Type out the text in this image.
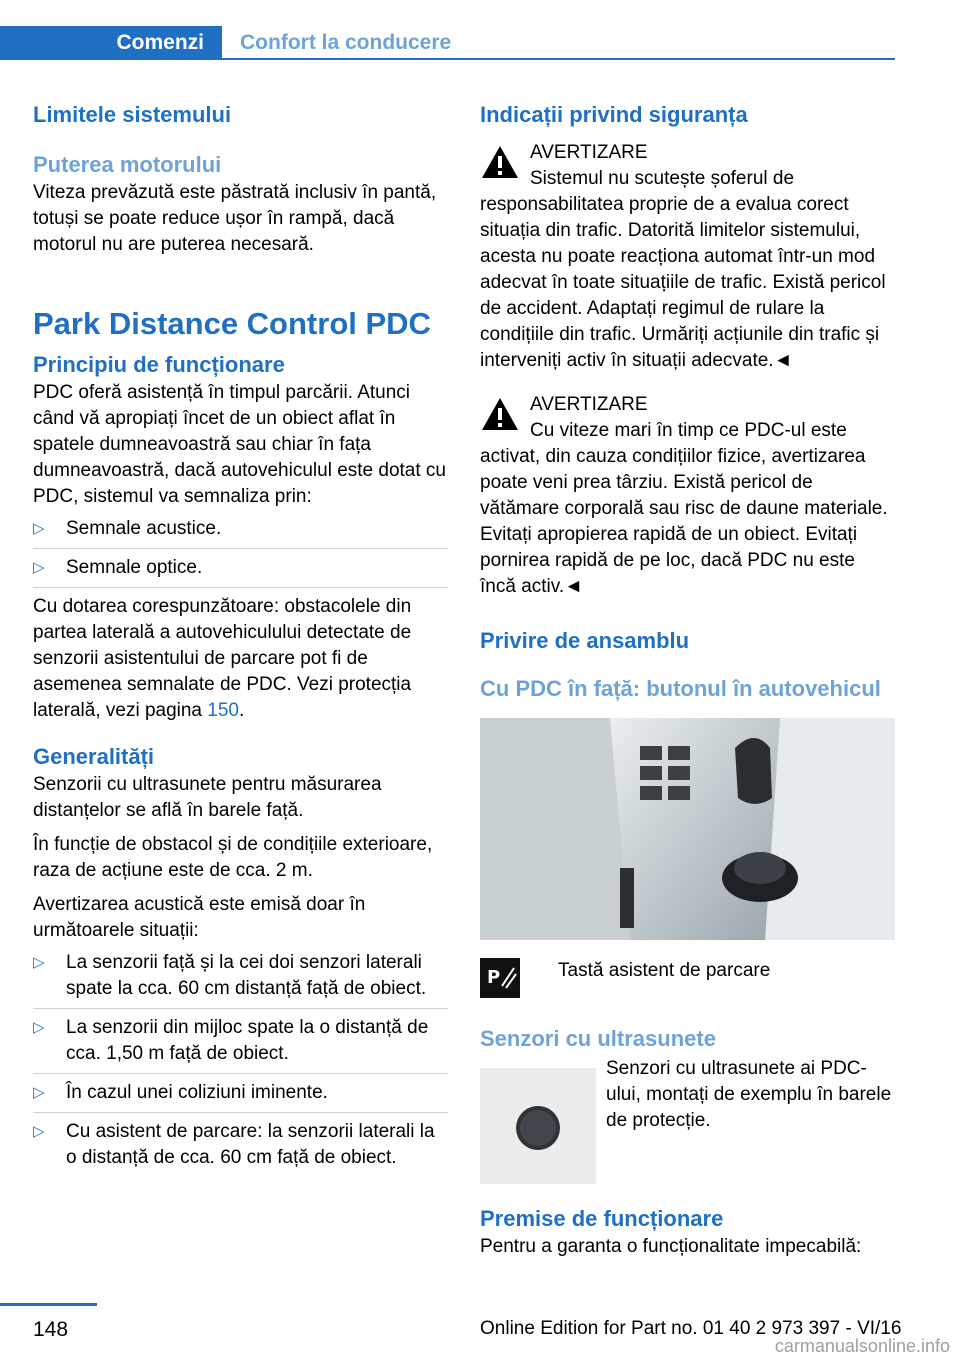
Comenzi	Confort la conducere
Limitele sistemului
Puterea motorului

Viteza prevăzută este păstrată inclusiv în pantă, totuși se poate reduce ușor în rampă, dacă motorul nu are puterea necesară.

Park Distance Control PDC
Principiu de funcționare

PDC oferă asistență în timpul parcării. Atunci când vă apropiați încet de un obiect aflat în spatele dumneavoastră sau chiar în fața dumneavoastră, dacă autovehiculul este dotat cu PDC, sistemul va semnaliza prin:

▷ Semnale acustice.
▷ Semnale optice.

Cu dotarea corespunzătoare: obstacolele din partea laterală a autovehiculului detectate de senzorii asistentului de parcare pot fi de asemenea semnalate de PDC. Vezi protecția laterală, vezi pagina 150.

Generalități

Senzorii cu ultrasunete pentru măsurarea distanțelor se află în barele față.

În funcție de obstacol și de condițiile exterioare, raza de acțiune este de cca. 2 m.

Avertizarea acustică este emisă doar în următoarele situații:

▷ La senzorii față și la cei doi senzori laterali spate la cca. 60 cm distanță față de obiect.
▷ La senzorii din mijloc spate la o distanță de cca. 1,50 m față de obiect.
▷ În cazul unei coliziuni iminente.
▷ Cu asistent de parcare: la senzorii laterali la o distanță de cca. 60 cm față de obiect.
Indicații privind siguranța

AVERTIZARE

Sistemul nu scutește șoferul de responsabilitatea proprie de a evalua corect situația din trafic. Datorită limitelor sistemului, acesta nu poate reacționa automat într-un mod adecvat în toate situațiile de trafic. Există pericol de accident. Adaptați regimul de rulare la condițiile din trafic. Urmăriți acțiunile din trafic și interveniți activ în situații adecvate.◄

AVERTIZARE

Cu viteze mari în timp ce PDC-ul este activat, din cauza condițiilor fizice, avertizarea poate veni prea târziu. Există pericol de vătămare corporală sau risc de daune materiale. Evitați apropierea rapidă de un obiect. Evitați pornirea rapidă de pe loc, dacă PDC nu este încă activ.◄

Privire de ansamblu
Cu PDC în față: butonul în autovehicul
P	Tastă asistent de parcare

Senzori cu ultrasunete

Senzori cu ultrasunete ai PDC-ului, montați de exemplu în barele de protecție.

Premise de funcționare

Pentru a garanta o funcționalitate impecabilă:

148	Online Edition for Part no. 01 40 2 973 397 - VI/16
carmanualsonline.info
